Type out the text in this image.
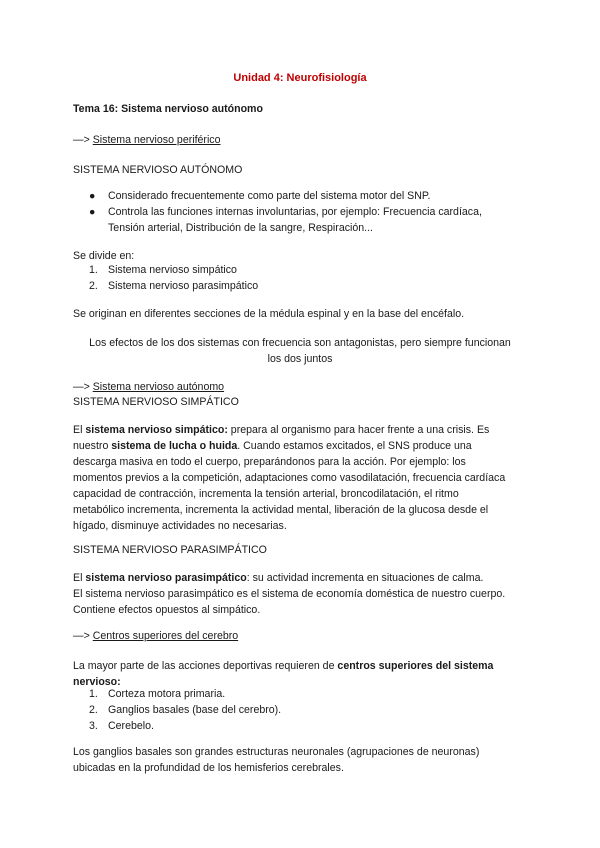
Unidad 4: Neurofisiología
Tema 16: Sistema nervioso autónomo
—> Sistema nervioso periférico
SISTEMA NERVIOSO AUTÓNOMO
● Considerado frecuentemente como parte del sistema motor del SNP.
● Controla las funciones internas involuntarias, por ejemplo: Frecuencia cardíaca,
Tensión arterial, Distribución de la sangre, Respiración...
Se divide en:
1. Sistema nervioso simpático
2. Sistema nervioso parasimpático
Se originan en diferentes secciones de la médula espinal y en la base del encéfalo.
Los efectos de los dos sistemas con frecuencia son antagonistas, pero siempre funcionan
los dos juntos
—> Sistema nervioso autónomo
SISTEMA NERVIOSO SIMPÁTICO
El sistema nervioso simpático: prepara al organismo para hacer frente a una crisis. Es
nuestro sistema de lucha o huida. Cuando estamos excitados, el SNS produce una
descarga masiva en todo el cuerpo, preparándonos para la acción. Por ejemplo: los
momentos previos a la competición, adaptaciones como vasodilatación, frecuencia cardíaca
capacidad de contracción, incrementa la tensión arterial, broncodilatación, el ritmo
metabólico incrementa, incrementa la actividad mental, liberación de la glucosa desde el
hígado, disminuye actividades no necesarias.
SISTEMA NERVIOSO PARASIMPÁTICO
El sistema nervioso parasimpático: su actividad incrementa en situaciones de calma.
El sistema nervioso parasimpático es el sistema de economía doméstica de nuestro cuerpo.
Contiene efectos opuestos al simpático.
—> Centros superiores del cerebro
La mayor parte de las acciones deportivas requieren de centros superiores del sistema
nervioso:
1. Corteza motora primaria.
2. Ganglios basales (base del cerebro).
3. Cerebelo.
Los ganglios basales son grandes estructuras neuronales (agrupaciones de neuronas)
ubicadas en la profundidad de los hemisferios cerebrales.
